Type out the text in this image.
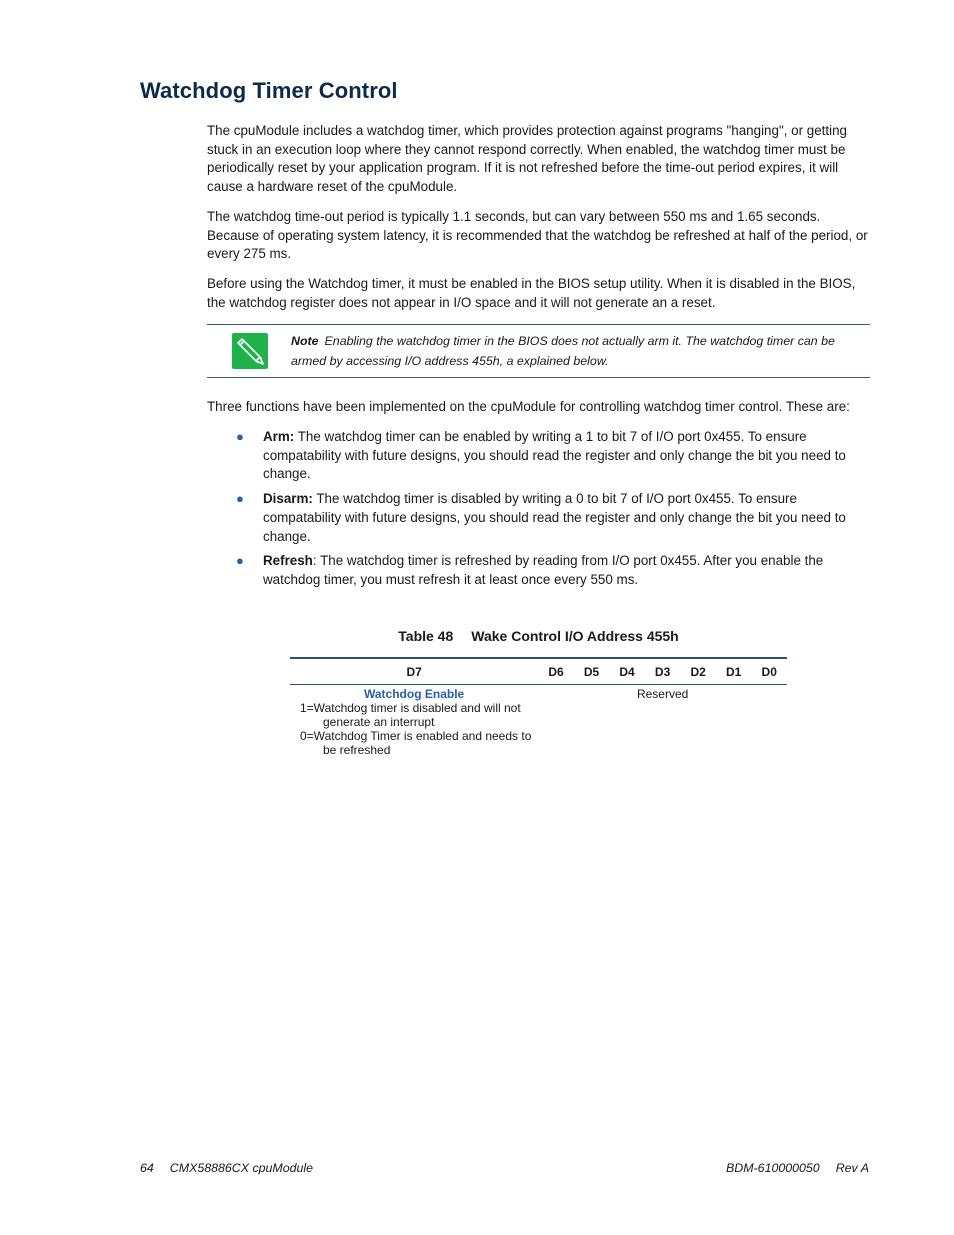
Watchdog Timer Control

The cpuModule includes a watchdog timer, which provides protection against programs "hanging", or getting stuck in an execution loop where they cannot respond correctly. When enabled, the watchdog timer must be periodically reset by your application program. If it is not refreshed before the time-out period expires, it will cause a hardware reset of the cpuModule.

The watchdog time-out period is typically 1.1 seconds, but can vary between 550 ms and 1.65 seconds. Because of operating system latency, it is recommended that the watchdog be refreshed at half of the period, or every 275 ms.

Before using the Watchdog timer, it must be enabled in the BIOS setup utility. When it is disabled in the BIOS, the watchdog register does not appear in I/O space and it will not generate an a reset.

Note Enabling the watchdog timer in the BIOS does not actually arm it. The watchdog timer can be armed by accessing I/O address 455h, a explained below.

Three functions have been implemented on the cpuModule for controlling watchdog timer control. These are:

● Arm: The watchdog timer can be enabled by writing a 1 to bit 7 of I/O port 0x455. To ensure compatability with future designs, you should read the register and only change the bit you need to change.
● Disarm: The watchdog timer is disabled by writing a 0 to bit 7 of I/O port 0x455. To ensure compatability with future designs, you should read the register and only change the bit you need to change.
● Refresh: The watchdog timer is refreshed by reading from I/O port 0x455. After you enable the watchdog timer, you must refresh it at least once every 550 ms.
Table 48 Wake Control I/O Address 455h
D7	D6	D5	D4	D3	D2	D1	D0

Watchdog Enable
1=Watchdog timer is disabled and will not generate an interrupt
0=Watchdog Timer is enabled and needs to be refreshed	Reserved						
64 CMX58886CX cpuModule	BDM-610000050 Rev A
